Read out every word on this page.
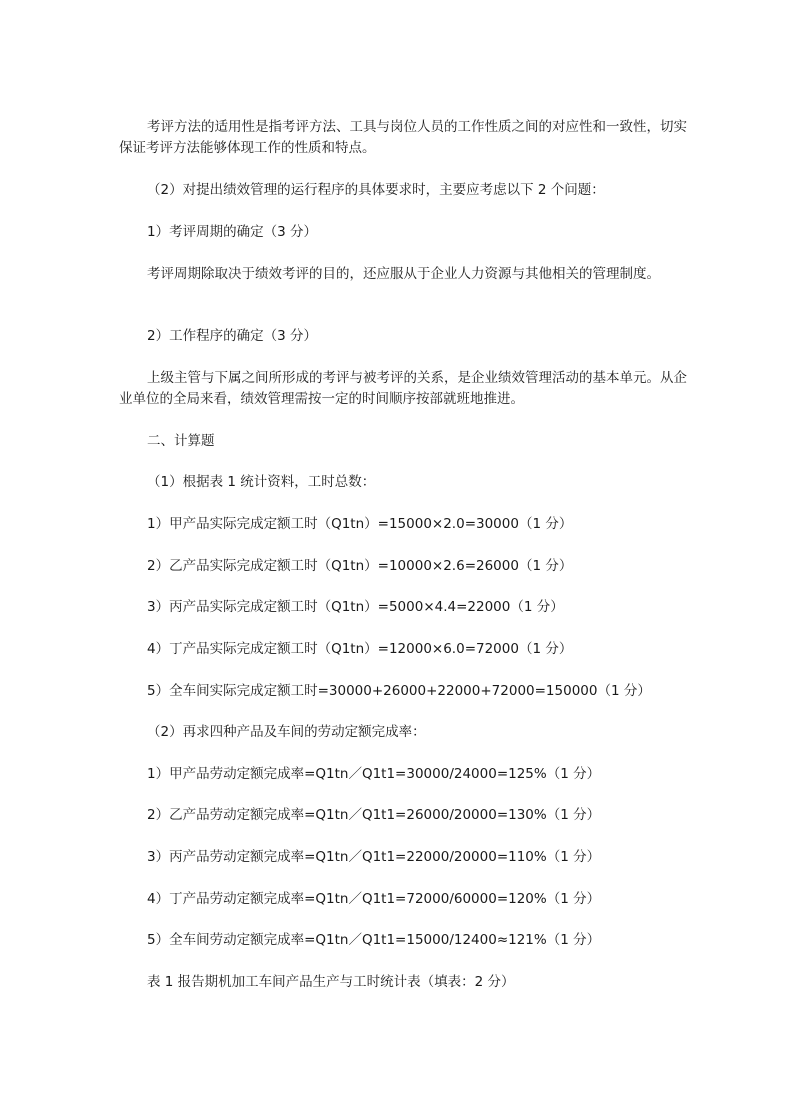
考评方法的适用性是指考评方法、工具与岗位人员的工作性质之间的对应性和一致性，切实保证考评方法能够体现工作的性质和特点。

（2）对提出绩效管理的运行程序的具体要求时，主要应考虑以下 2 个问题：

1）考评周期的确定（3 分）

考评周期除取决于绩效考评的目的，还应服从于企业人力资源与其他相关的管理制度。

2）工作程序的确定（3 分）

上级主管与下属之间所形成的考评与被考评的关系，是企业绩效管理活动的基本单元。从企业单位的全局来看，绩效管理需按一定的时间顺序按部就班地推进。

二、计算题

（1）根据表 1 统计资料，工时总数：

1）甲产品实际完成定额工时（Q1tn）=15000×2.0=30000（1 分）

2）乙产品实际完成定额工时（Q1tn）=10000×2.6=26000（1 分）

3）丙产品实际完成定额工时（Q1tn）=5000×4.4=22000（1 分）

4）丁产品实际完成定额工时（Q1tn）=12000×6.0=72000（1 分）

5）全车间实际完成定额工时=30000+26000+22000+72000=150000（1 分）

（2）再求四种产品及车间的劳动定额完成率：

1）甲产品劳动定额完成率=Q1tn／Q1t1=30000/24000=125%（1 分）

2）乙产品劳动定额完成率=Q1tn／Q1t1=26000/20000=130%（1 分）

3）丙产品劳动定额完成率=Q1tn／Q1t1=22000/20000=110%（1 分）

4）丁产品劳动定额完成率=Q1tn／Q1t1=72000/60000=120%（1 分）

5）全车间劳动定额完成率=Q1tn／Q1t1=15000/12400≈121%（1 分）

表 1 报告期机加工车间产品生产与工时统计表（填表：2 分）
